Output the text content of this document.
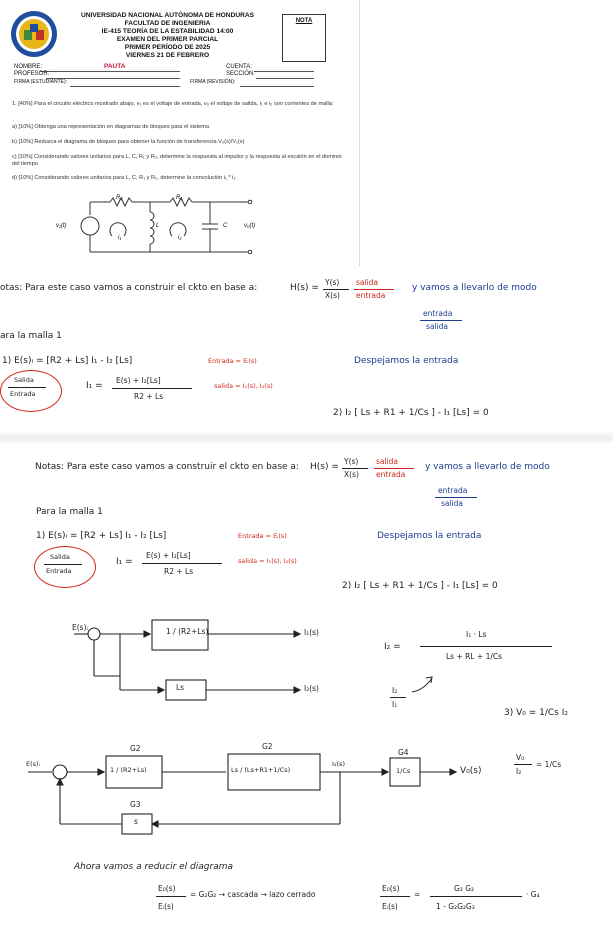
UNIVERSIDAD NACIONAL AUTÓNOMA DE HONDURAS
FACULTAD DE INGENIERIA
IE-415 TEORÍA DE LA ESTABILIDAD 14:00
EXAMEN DEL PRIMER PARCIAL
PRIMER PERÍODO DE 2025
VIERNES 21 DE FEBRERO
NOTA
NOMBRE:	PAUTA	CUENTA:
PROFESOR:	SECCIÓN:
FIRMA (ESTUDIANTE):	FIRMA (REVISIÓN):
1. [40%] Para el circuito eléctrico mostrado abajo, v₁ es el voltaje de entrada, v₀ el voltaje de salida, i₁ e i₂ son corrientes de malla:
a) [10%] Obtenga una representación en diagramas de bloques para el sistema
b) [10%] Reduzca el diagrama de bloques para obtener la función de transferencia V₀(s)/V₁(s)
c) [10%] Considerando valores unitarios para L, C, R₁ y R₂, determine la respuesta al impulso y la respuesta al escalón en el dominio del tiempo
d) [10%] Considerando valores unitarios para L, C, R₁ y R₂, determine la convolución i₁ * i₂
R₂	R₁
v₁(t)	L	C	v₀(t)
i₁	i₂
otas: Para este caso vamos a construir el ckto en base a:	H(s) =
Y(s)
X(s)
salida
entrada
y vamos a llevarlo de modo
entrada
salida
ara la malla 1
1) E(s)ᵢ = [R2 + Ls] I₁ - I₂ [Ls]	Entrada = Eᵢ(s)	Despejamos la entrada
Salida
Entrada
I₁ =
E(s) + I₂[Ls]
R2 + Ls
salida = I₁(s), I₂(s)
2) I₂ [ Ls + R1 + 1/Cs ] - I₁ [Ls] = 0
Notas: Para este caso vamos a construir el ckto en base a: H(s) =
Y(s)
X(s)
salida
entrada
y vamos a llevarlo de modo
entrada
salida
Para la malla 1
1) E(s)ᵢ = [R2 + Ls] I₁ - I₂ [Ls]	Entrada = Eᵢ(s)	Despejamos la entrada
Salida
Entrada
I₁ =
E(s) + I₂[Ls]
R2 + Ls
salida = I₁(s), I₂(s)
2) I₂ [ Ls + R1 + 1/Cs ] - I₁ [Ls] = 0
I₂ =
I₁ · Ls
Ls + RL + 1/Cs
I₂
I₁
3) V₀ = 1/Cs I₂
V₀
I₂
= 1/Cs
E(s)ᵢ	1 / (R2+Ls)	I₁(s)
Ls	I₂(s)
E(s)ᵢ
G2
1 / (R2+Ls)
G2
Ls / (Ls+R1+1/Cs)
I₂(s)
G4
1/Cs	V₀(s)
G3
s
Ahora vamos a reducir el diagrama
E₀(s)
Eᵢ(s)
= G₂G₂ → cascada → lazo cerrado
E₀(s)
Eᵢ(s)
=
G₂ G₂
1 - G₂G₂G₃
· G₄
